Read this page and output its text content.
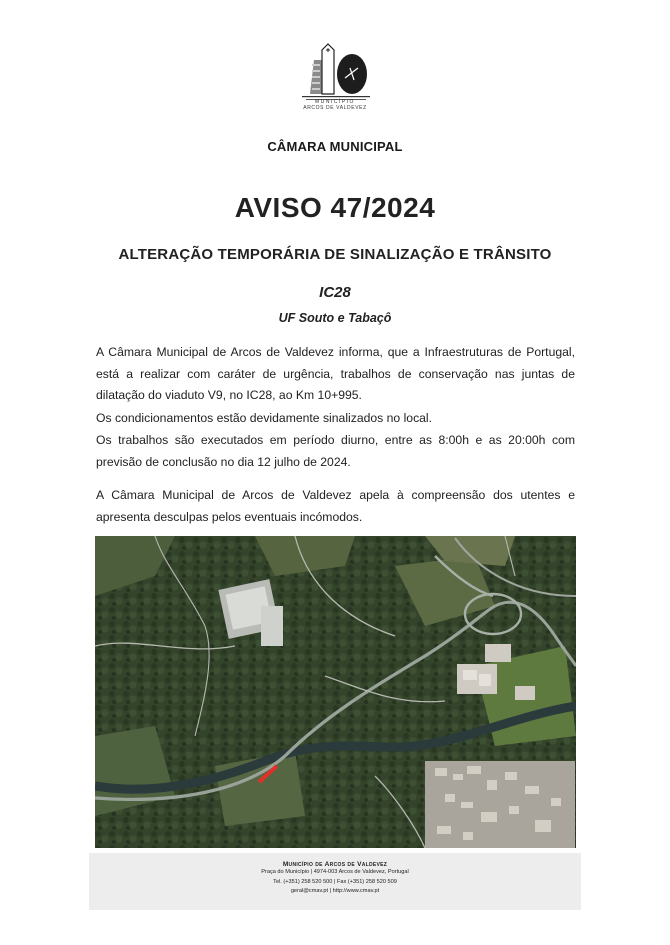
MUNICÍPIO
ARCOS DE VALDEVEZ
CÂMARA MUNICIPAL
AVISO 47/2024
ALTERAÇÃO TEMPORÁRIA DE SINALIZAÇÃO E TRÂNSITO
IC28
UF Souto e Tabaçô

A Câmara Municipal de Arcos de Valdevez informa, que a Infraestruturas de Portugal, está a realizar com caráter de urgência, trabalhos de conservação nas juntas de dilatação do viaduto V9, no IC28, ao Km 10+995.

Os condicionamentos estão devidamente sinalizados no local.

Os trabalhos são executados em período diurno, entre as 8:00h e as 20:00h com previsão de conclusão no dia 12 julho de 2024.

A Câmara Municipal de Arcos de Valdevez apela à compreensão dos utentes e apresenta desculpas pelos eventuais incómodos.

Município de Arcos de Valdevez
Praça do Município | 4974-003 Arcos de Valdevez, Portugal
Tel. (+351) 258 520 500 | Fax (+351) 258 520 509
geral@cmav.pt | http://www.cmav.pt
